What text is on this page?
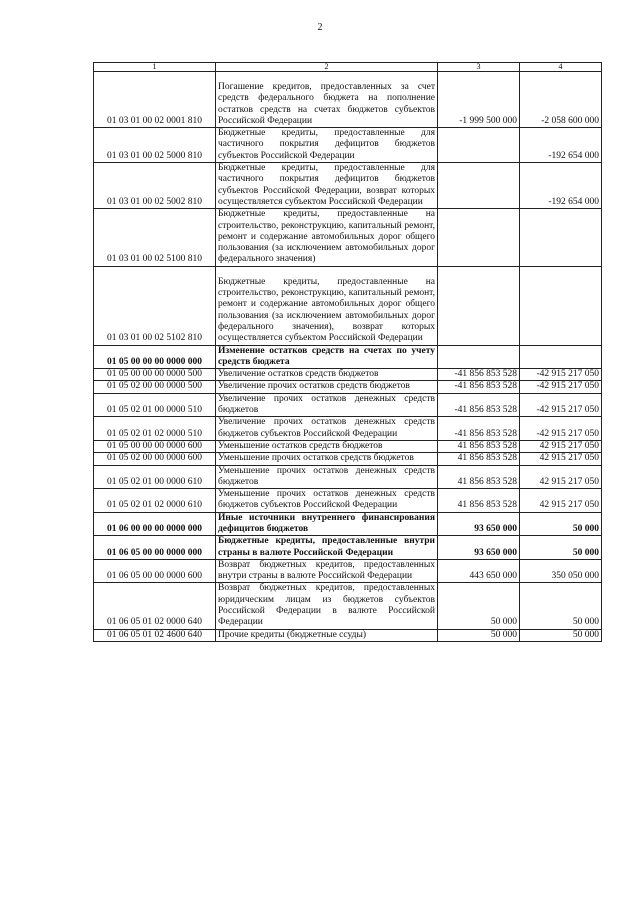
2
1	2	3	4
01 03 01 00 02 0001 810	Погашение кредитов, предоставленных за счет средств федерального бюджета на пополнение остатков средств на счетах бюджетов субъектов Российской Федерации	-1 999 500 000	-2 058 600 000
01 03 01 00 02 5000 810	Бюджетные кредиты, предоставленные для частичного покрытия дефицитов бюджетов субъектов Российской Федерации		-192 654 000
01 03 01 00 02 5002 810	Бюджетные кредиты, предоставленные для частичного покрытия дефицитов бюджетов субъектов Российской Федерации, возврат которых осуществляется субъектом Российской Федерации		-192 654 000
01 03 01 00 02 5100 810	Бюджетные кредиты, предоставленные на строительство, реконструкцию, капитальный ремонт, ремонт и содержание автомобильных дорог общего пользования (за исключением автомобильных дорог федерального значения)		
01 03 01 00 02 5102 810	Бюджетные кредиты, предоставленные на строительство, реконструкцию, капитальный ремонт, ремонт и содержание автомобильных дорог общего пользования (за исключением автомобильных дорог федерального значения), возврат которых осуществляется субъектом Российской Федерации		
01 05 00 00 00 0000 000	Изменение остатков средств на счетах по учету средств бюджета		
01 05 00 00 00 0000 500	Увеличение остатков средств бюджетов	-41 856 853 528	-42 915 217 050
01 05 02 00 00 0000 500	Увеличение прочих остатков средств бюджетов	-41 856 853 528	-42 915 217 050
01 05 02 01 00 0000 510	Увеличение прочих остатков денежных средств бюджетов	-41 856 853 528	-42 915 217 050
01 05 02 01 02 0000 510	Увеличение прочих остатков денежных средств бюджетов субъектов Российской Федерации	-41 856 853 528	-42 915 217 050
01 05 00 00 00 0000 600	Уменьшение остатков средств бюджетов	41 856 853 528	42 915 217 050
01 05 02 00 00 0000 600	Уменьшение прочих остатков средств бюджетов	41 856 853 528	42 915 217 050
01 05 02 01 00 0000 610	Уменьшение прочих остатков денежных средств бюджетов	41 856 853 528	42 915 217 050
01 05 02 01 02 0000 610	Уменьшение прочих остатков денежных средств бюджетов субъектов Российской Федерации	41 856 853 528	42 915 217 050
01 06 00 00 00 0000 000	Иные источники внутреннего финансирования дефицитов бюджетов	93 650 000	50 000
01 06 05 00 00 0000 000	Бюджетные кредиты, предоставленные внутри страны в валюте Российской Федерации	93 650 000	50 000
01 06 05 00 00 0000 600	Возврат бюджетных кредитов, предоставленных внутри страны в валюте Российской Федерации	443 650 000	350 050 000
01 06 05 01 02 0000 640	Возврат бюджетных кредитов, предоставленных юридическим лицам из бюджетов субъектов Российской Федерации в валюте Российской Федерации	50 000	50 000
01 06 05 01 02 4600 640	Прочие кредиты (бюджетные ссуды)	50 000	50 000
